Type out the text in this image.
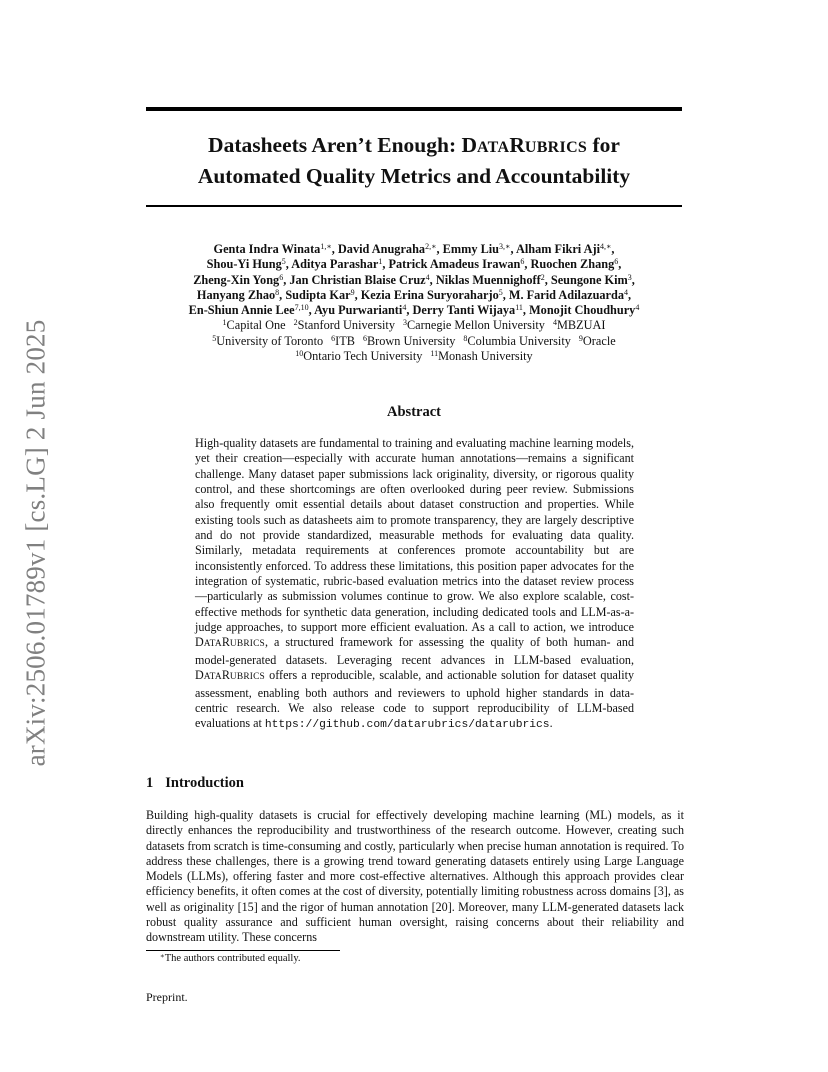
Datasheets Aren’t Enough: DATARUBRICS for
Automated Quality Metrics and Accountability
Genta Indra Winata$^{1,∗}$, David Anugraha$^{2,∗}$, Emmy Liu$^{3,∗}$, Alham Fikri Aji$^{4,∗}$,
Shou-Yi Hung$^5$, Aditya Parashar$^1$, Patrick Amadeus Irawan$^6$, Ruochen Zhang$^6$,
Zheng-Xin Yong$^6$, Jan Christian Blaise Cruz$^4$, Niklas Muennighoff$^2$, Seungone Kim$^3$,
Hanyang Zhao$^8$, Sudipta Kar$^9$, Kezia Erina Suryoraharjo$^5$, M. Farid Adilazuarda$^4$,
En-Shiun Annie Lee$^{7,10}$, Ayu Purwarianti$^4$, Derry Tanti Wijaya$^{11}$, Monojit Choudhury$^4$
$^1$Capital One $^2$Stanford University $^3$Carnegie Mellon University $^4$MBZUAI
$^5$University of Toronto $^6$ITB $^6$Brown University $^8$Columbia University $^9$Oracle
$^{10}$Ontario Tech University $^{11}$Monash University
arXiv:2506.01789v1 [cs.LG] 2 Jun 2025	Abstract

High-quality datasets are fundamental to training and evaluating machine learning models, yet their creation—especially with accurate human annotations—remains a significant challenge. Many dataset paper submissions lack originality, diversity, or rigorous quality control, and these shortcomings are often overlooked during peer review. Submissions also frequently omit essential details about dataset construction and properties. While existing tools such as datasheets aim to promote transparency, they are largely descriptive and do not provide standardized, measurable methods for evaluating data quality. Similarly, metadata requirements at conferences promote accountability but are inconsistently enforced. To address these limitations, this position paper advocates for the integration of systematic, rubric-based evaluation metrics into the dataset review process—particularly as submission volumes continue to grow. We also explore scalable, cost-effective methods for synthetic data generation, including dedicated tools and LLM-as-a-judge approaches, to support more efficient evaluation. As a call to action, we introduce DATARUBRICS, a structured framework for assessing the quality of both human- and model-generated datasets. Leveraging recent advances in LLM-based evaluation, DATARUBRICS offers a reproducible, scalable, and actionable solution for dataset quality assessment, enabling both authors and reviewers to uphold higher standards in data-centric research. We also release code to support reproducibility of LLM-based evaluations at https://github.com/datarubrics/datarubrics.

1 Introduction

Building high-quality datasets is crucial for effectively developing machine learning (ML) models, as it directly enhances the reproducibility and trustworthiness of the research outcome. However, creating such datasets from scratch is time-consuming and costly, particularly when precise human annotation is required. To address these challenges, there is a growing trend toward generating datasets entirely using Large Language Models (LLMs), offering faster and more cost-effective alternatives. Although this approach provides clear efficiency benefits, it often comes at the cost of diversity, potentially limiting robustness across domains [3], as well as originality [15] and the rigor of human annotation [20]. Moreover, many LLM-generated datasets lack robust quality assurance and sufficient human oversight, raising concerns about their reliability and downstream utility. These concerns

∗The authors contributed equally.

Preprint.
